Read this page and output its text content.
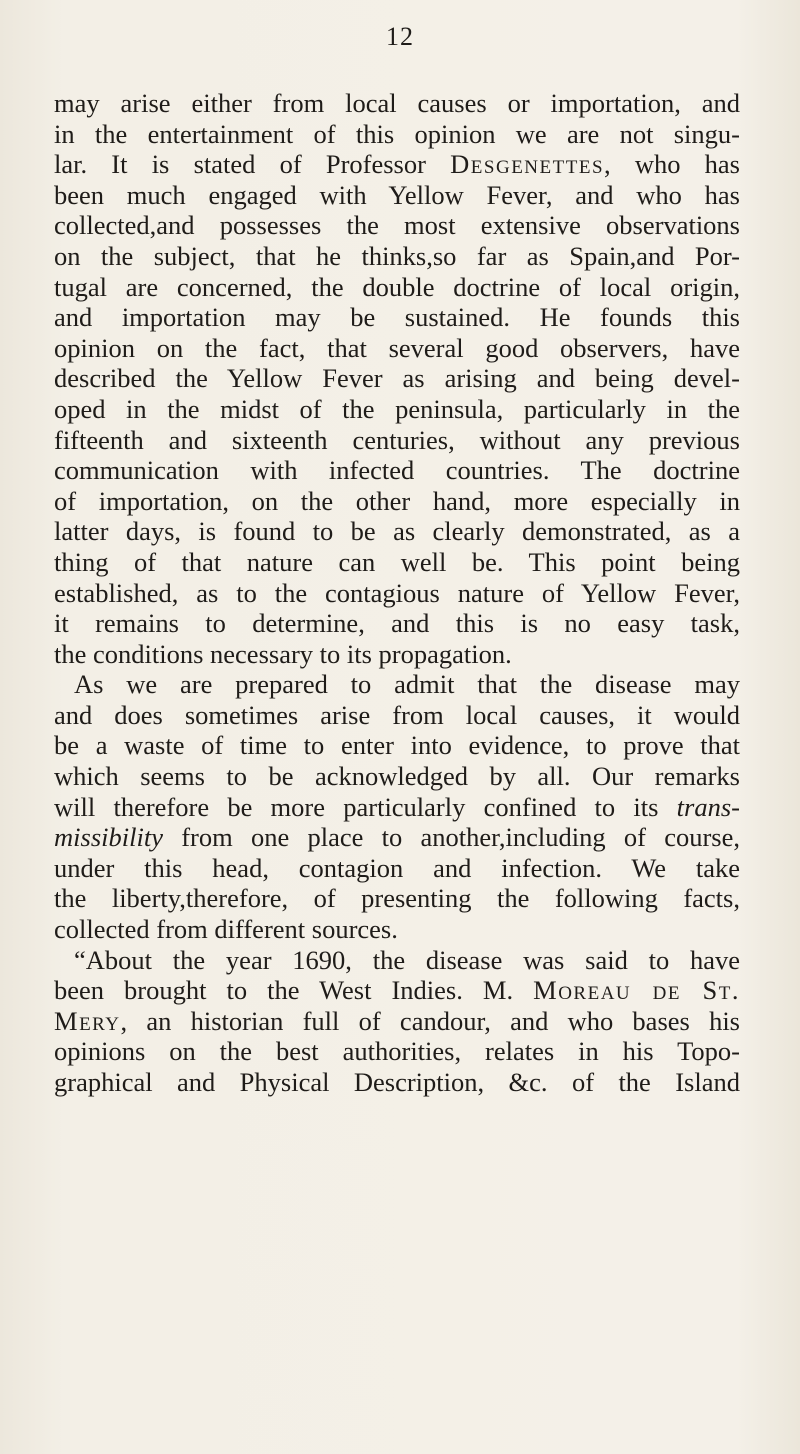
12
may arise either from local causes or importation, and
in the entertainment of this opinion we are not singu-
lar. It is stated of Professor Desgenettes, who has
been much engaged with Yellow Fever, and who has
collected,and possesses the most extensive observations
on the subject, that he thinks,so far as Spain,and Por-
tugal are concerned, the double doctrine of local origin,
and importation may be sustained. He founds this
opinion on the fact, that several good observers, have
described the Yellow Fever as arising and being devel-
oped in the midst of the peninsula, particularly in the
fifteenth and sixteenth centuries, without any previous
communication with infected countries. The doctrine
of importation, on the other hand, more especially in
latter days, is found to be as clearly demonstrated, as a
thing of that nature can well be. This point being
established, as to the contagious nature of Yellow Fever,
it remains to determine, and this is no easy task,
the conditions necessary to its propagation.
As we are prepared to admit that the disease may
and does sometimes arise from local causes, it would
be a waste of time to enter into evidence, to prove that
which seems to be acknowledged by all. Our remarks
will therefore be more particularly confined to its trans-
missibility from one place to another,including of course,
under this head, contagion and infection. We take
the liberty,therefore, of presenting the following facts,
collected from different sources.
“About the year 1690, the disease was said to have
been brought to the West Indies. M. Moreau de St.
Mery, an historian full of candour, and who bases his
opinions on the best authorities, relates in his Topo-
graphical and Physical Description, &c. of the Island
